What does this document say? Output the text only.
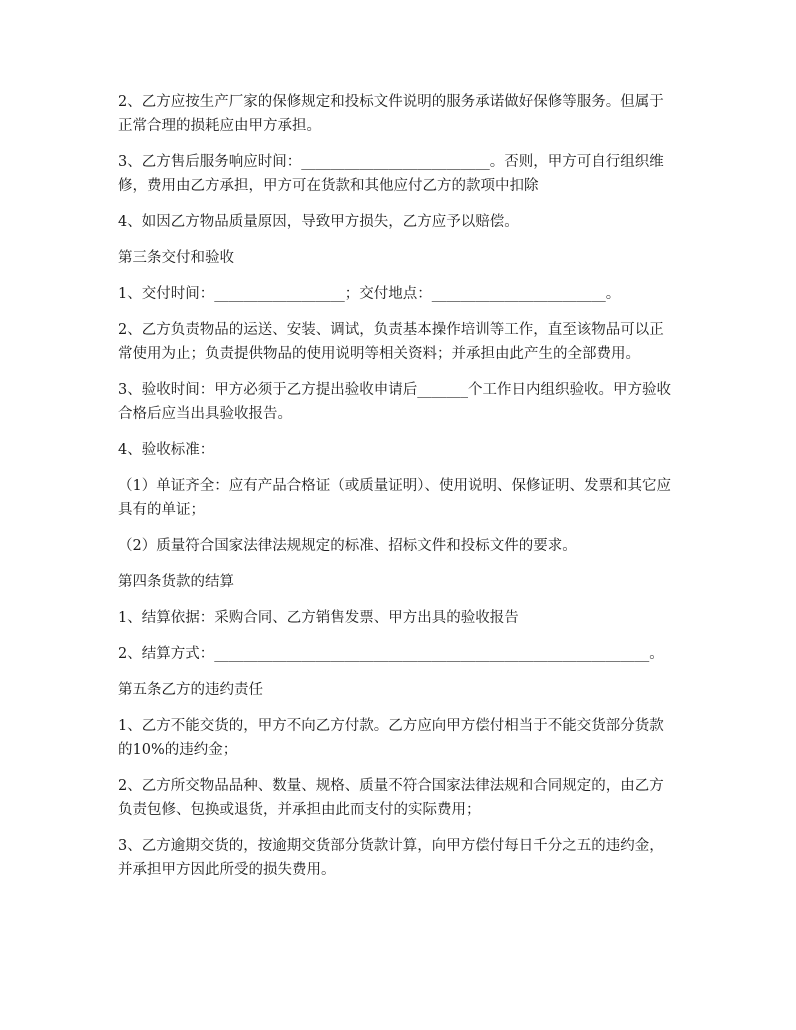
2、乙方应按生产厂家的保修规定和投标文件说明的服务承诺做好保修等服务。但属于正常合理的损耗应由甲方承担。

3、乙方售后服务响应时间：__________________________。否则，甲方可自行组织维修，费用由乙方承担，甲方可在货款和其他应付乙方的款项中扣除

4、如因乙方物品质量原因，导致甲方损失，乙方应予以赔偿。

第三条交付和验收

1、交付时间：__________________；交付地点：________________________。

2、乙方负责物品的运送、安装、调试，负责基本操作培训等工作，直至该物品可以正常使用为止；负责提供物品的使用说明等相关资料；并承担由此产生的全部费用。

3、验收时间：甲方必须于乙方提出验收申请后_______个工作日内组织验收。甲方验收合格后应当出具验收报告。

4、验收标准：

（1）单证齐全：应有产品合格证（或质量证明）、使用说明、保修证明、发票和其它应具有的单证；

（2）质量符合国家法律法规规定的标准、招标文件和投标文件的要求。

第四条货款的结算

1、结算依据：采购合同、乙方销售发票、甲方出具的验收报告

2、结算方式：____________________________________________________________。

第五条乙方的违约责任

1、乙方不能交货的，甲方不向乙方付款。乙方应向甲方偿付相当于不能交货部分货款的10%的违约金；

2、乙方所交物品品种、数量、规格、质量不符合国家法律法规和合同规定的，由乙方负责包修、包换或退货，并承担由此而支付的实际费用；

3、乙方逾期交货的，按逾期交货部分货款计算，向甲方偿付每日千分之五的违约金，并承担甲方因此所受的损失费用。
